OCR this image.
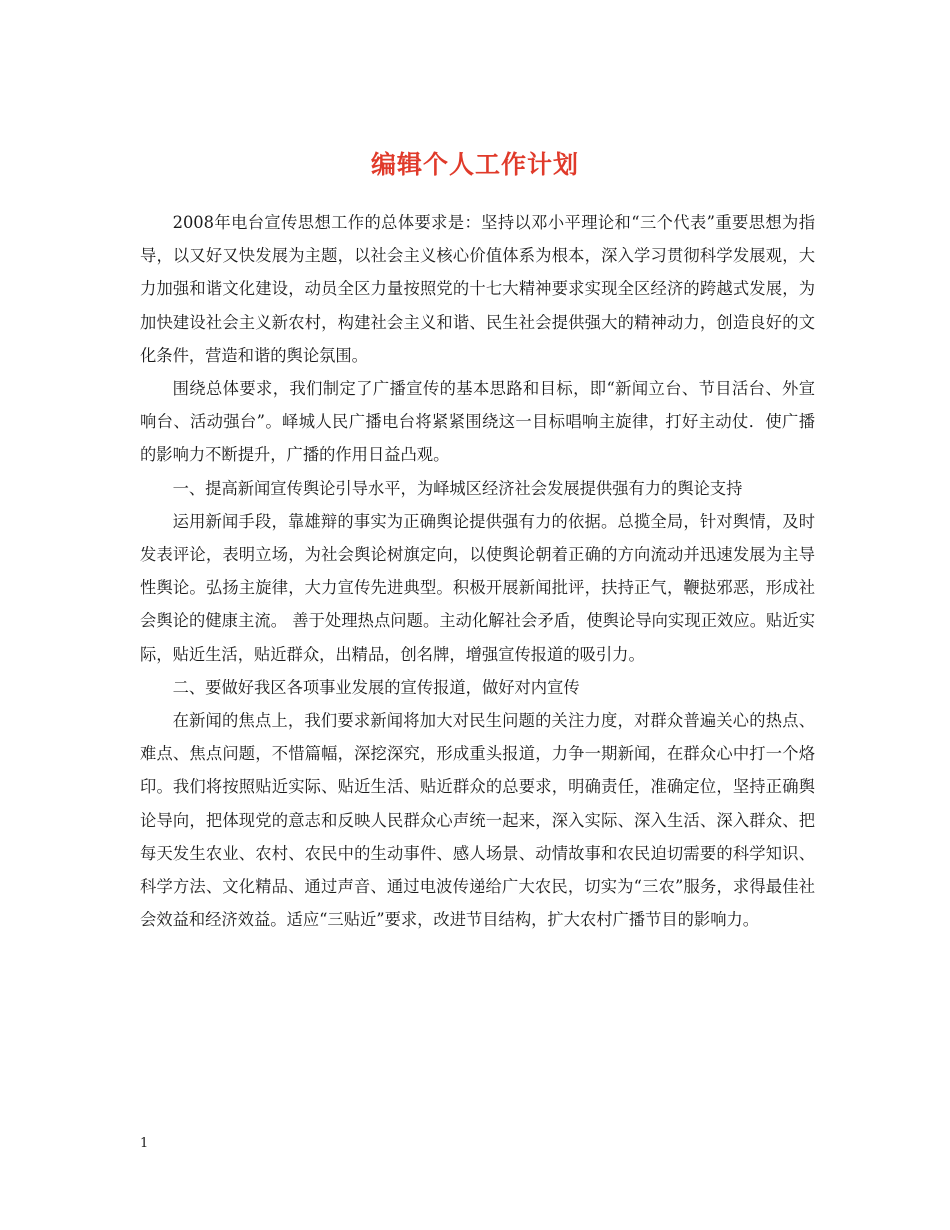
编辑个人工作计划

2008年电台宣传思想工作的总体要求是：坚持以邓小平理论和“三个代表”重要思想为指导，以又好又快发展为主题，以社会主义核心价值体系为根本，深入学习贯彻科学发展观，大力加强和谐文化建设，动员全区力量按照党的十七大精神要求实现全区经济的跨越式发展，为加快建设社会主义新农村，构建社会主义和谐、民生社会提供强大的精神动力，创造良好的文化条件，营造和谐的舆论氛围。

围绕总体要求，我们制定了广播宣传的基本思路和目标，即“新闻立台、节目活台、外宣响台、活动强台”。峄城人民广播电台将紧紧围绕这一目标唱响主旋律，打好主动仗．使广播的影响力不断提升，广播的作用日益凸观。

一、提高新闻宣传舆论引导水平，为峄城区经济社会发展提供强有力的舆论支持

运用新闻手段，靠雄辩的事实为正确舆论提供强有力的依据。总揽全局，针对舆情，及时发表评论，表明立场，为社会舆论树旗定向，以使舆论朝着正确的方向流动并迅速发展为主导性舆论。弘扬主旋律，大力宣传先进典型。积极开展新闻批评，扶持正气，鞭挞邪恶，形成社会舆论的健康主流。 善于处理热点问题。主动化解社会矛盾，使舆论导向实现正效应。贴近实际，贴近生活，贴近群众，出精品，创名牌，增强宣传报道的吸引力。

二、要做好我区各项事业发展的宣传报道，做好对内宣传

在新闻的焦点上，我们要求新闻将加大对民生问题的关注力度，对群众普遍关心的热点、难点、焦点问题，不惜篇幅，深挖深究，形成重头报道，力争一期新闻，在群众心中打一个烙印。我们将按照贴近实际、贴近生活、贴近群众的总要求，明确责任，准确定位，坚持正确舆论导向，把体现党的意志和反映人民群众心声统一起来，深入实际、深入生活、深入群众、把每天发生农业、农村、农民中的生动事件、感人场景、动情故事和农民迫切需要的科学知识、科学方法、文化精品、通过声音、通过电波传递给广大农民，切实为“三农”服务，求得最佳社会效益和经济效益。适应“三贴近”要求，改进节目结构，扩大农村广播节目的影响力。

1
